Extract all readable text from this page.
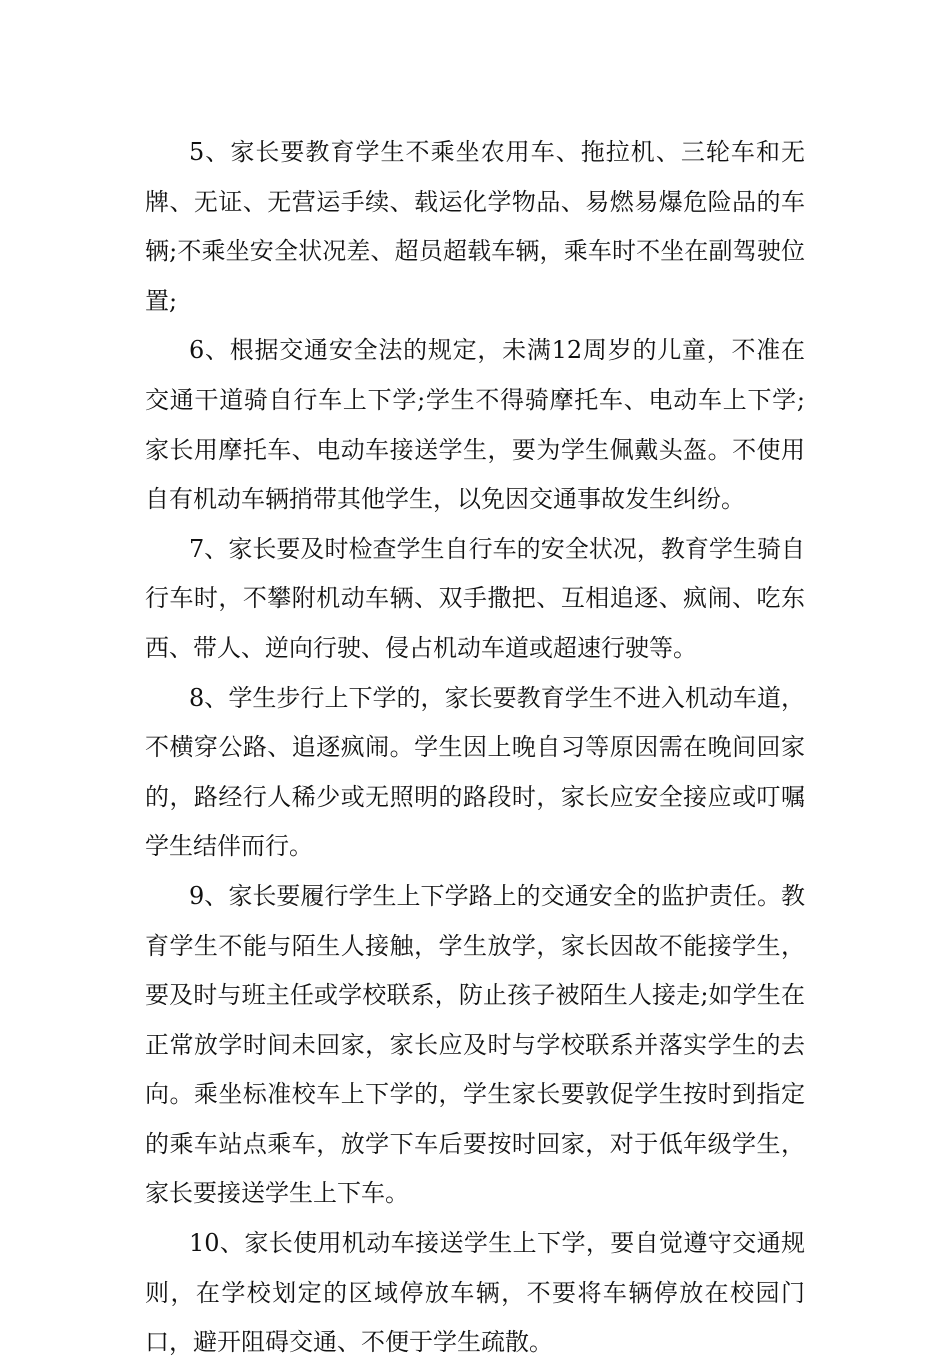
5、家长要教育学生不乘坐农用车、拖拉机、三轮车和无牌、无证、无营运手续、载运化学物品、易燃易爆危险品的车辆;不乘坐安全状况差、超员超载车辆，乘车时不坐在副驾驶位置;

6、根据交通安全法的规定，未满12周岁的儿童，不准在交通干道骑自行车上下学;学生不得骑摩托车、电动车上下学;家长用摩托车、电动车接送学生，要为学生佩戴头盔。不使用自有机动车辆捎带其他学生，以免因交通事故发生纠纷。

7、家长要及时检查学生自行车的安全状况，教育学生骑自行车时，不攀附机动车辆、双手撒把、互相追逐、疯闹、吃东西、带人、逆向行驶、侵占机动车道或超速行驶等。

8、学生步行上下学的，家长要教育学生不进入机动车道，不横穿公路、追逐疯闹。学生因上晚自习等原因需在晚间回家的，路经行人稀少或无照明的路段时，家长应安全接应或叮嘱学生结伴而行。

9、家长要履行学生上下学路上的交通安全的监护责任。教育学生不能与陌生人接触，学生放学，家长因故不能接学生，要及时与班主任或学校联系，防止孩子被陌生人接走;如学生在正常放学时间未回家，家长应及时与学校联系并落实学生的去向。乘坐标准校车上下学的，学生家长要敦促学生按时到指定的乘车站点乘车，放学下车后要按时回家，对于低年级学生，家长要接送学生上下车。

10、家长使用机动车接送学生上下学，要自觉遵守交通规则，在学校划定的区域停放车辆，不要将车辆停放在校园门口，避开阻碍交通、不便于学生疏散。
